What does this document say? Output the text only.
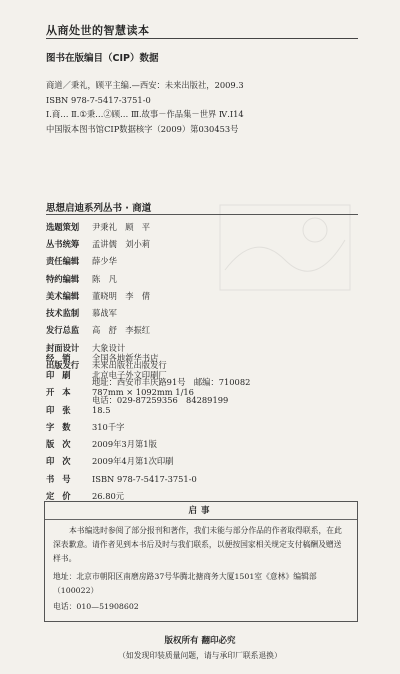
从商处世的智慧读本
图书在版编目（CIP）数据
商道／秉礼，顾平主编.—西安：未来出版社，2009.3
ISBN 978-7-5417-3751-0
Ⅰ.商… Ⅱ.①秉…②顾… Ⅲ.故事－作品集－世界 Ⅳ.I14
中国版本图书馆CIP数据核字（2009）第030453号
思想启迪系列丛书 · 商道
选题策划	尹秉礼　顾　平
丛书统筹	孟讲儒　刘小莉
责任编辑	薛少华
特约编辑	陈　凡
美术编辑	董晓明　李　倩
技术监制	慕战军
发行总监	高　舒　李振红
封面设计	大象设计
出版发行	未来出版社出版发行
地址：西安市丰庆路91号　邮编：710082
电话：029-87259356　84289199
经销	全国各地新华书店
印刷	北京电子外文印刷厂
开本	787mm × 1092mm 1/16
印张	18.5
字数	310千字
版次	2009年3月第1版
印次	2009年4月第1次印刷
书号	ISBN 978-7-5417-3751-0
定价	26.80元
启事
本书编选时参阅了部分报刊和著作，我们未能与部分作品的作者取得联系，在此深表歉意。请作者见到本书后及时与我们联系，以便按国家相关规定支付稿酬及赠送样书。
地址：北京市朝阳区南磨房路37号华腾北搪商务大厦1501室《意林》编辑部（100022）
电话：010—51908602
版权所有 翻印必究
（如发现印装质量问题，请与承印厂联系退换）
